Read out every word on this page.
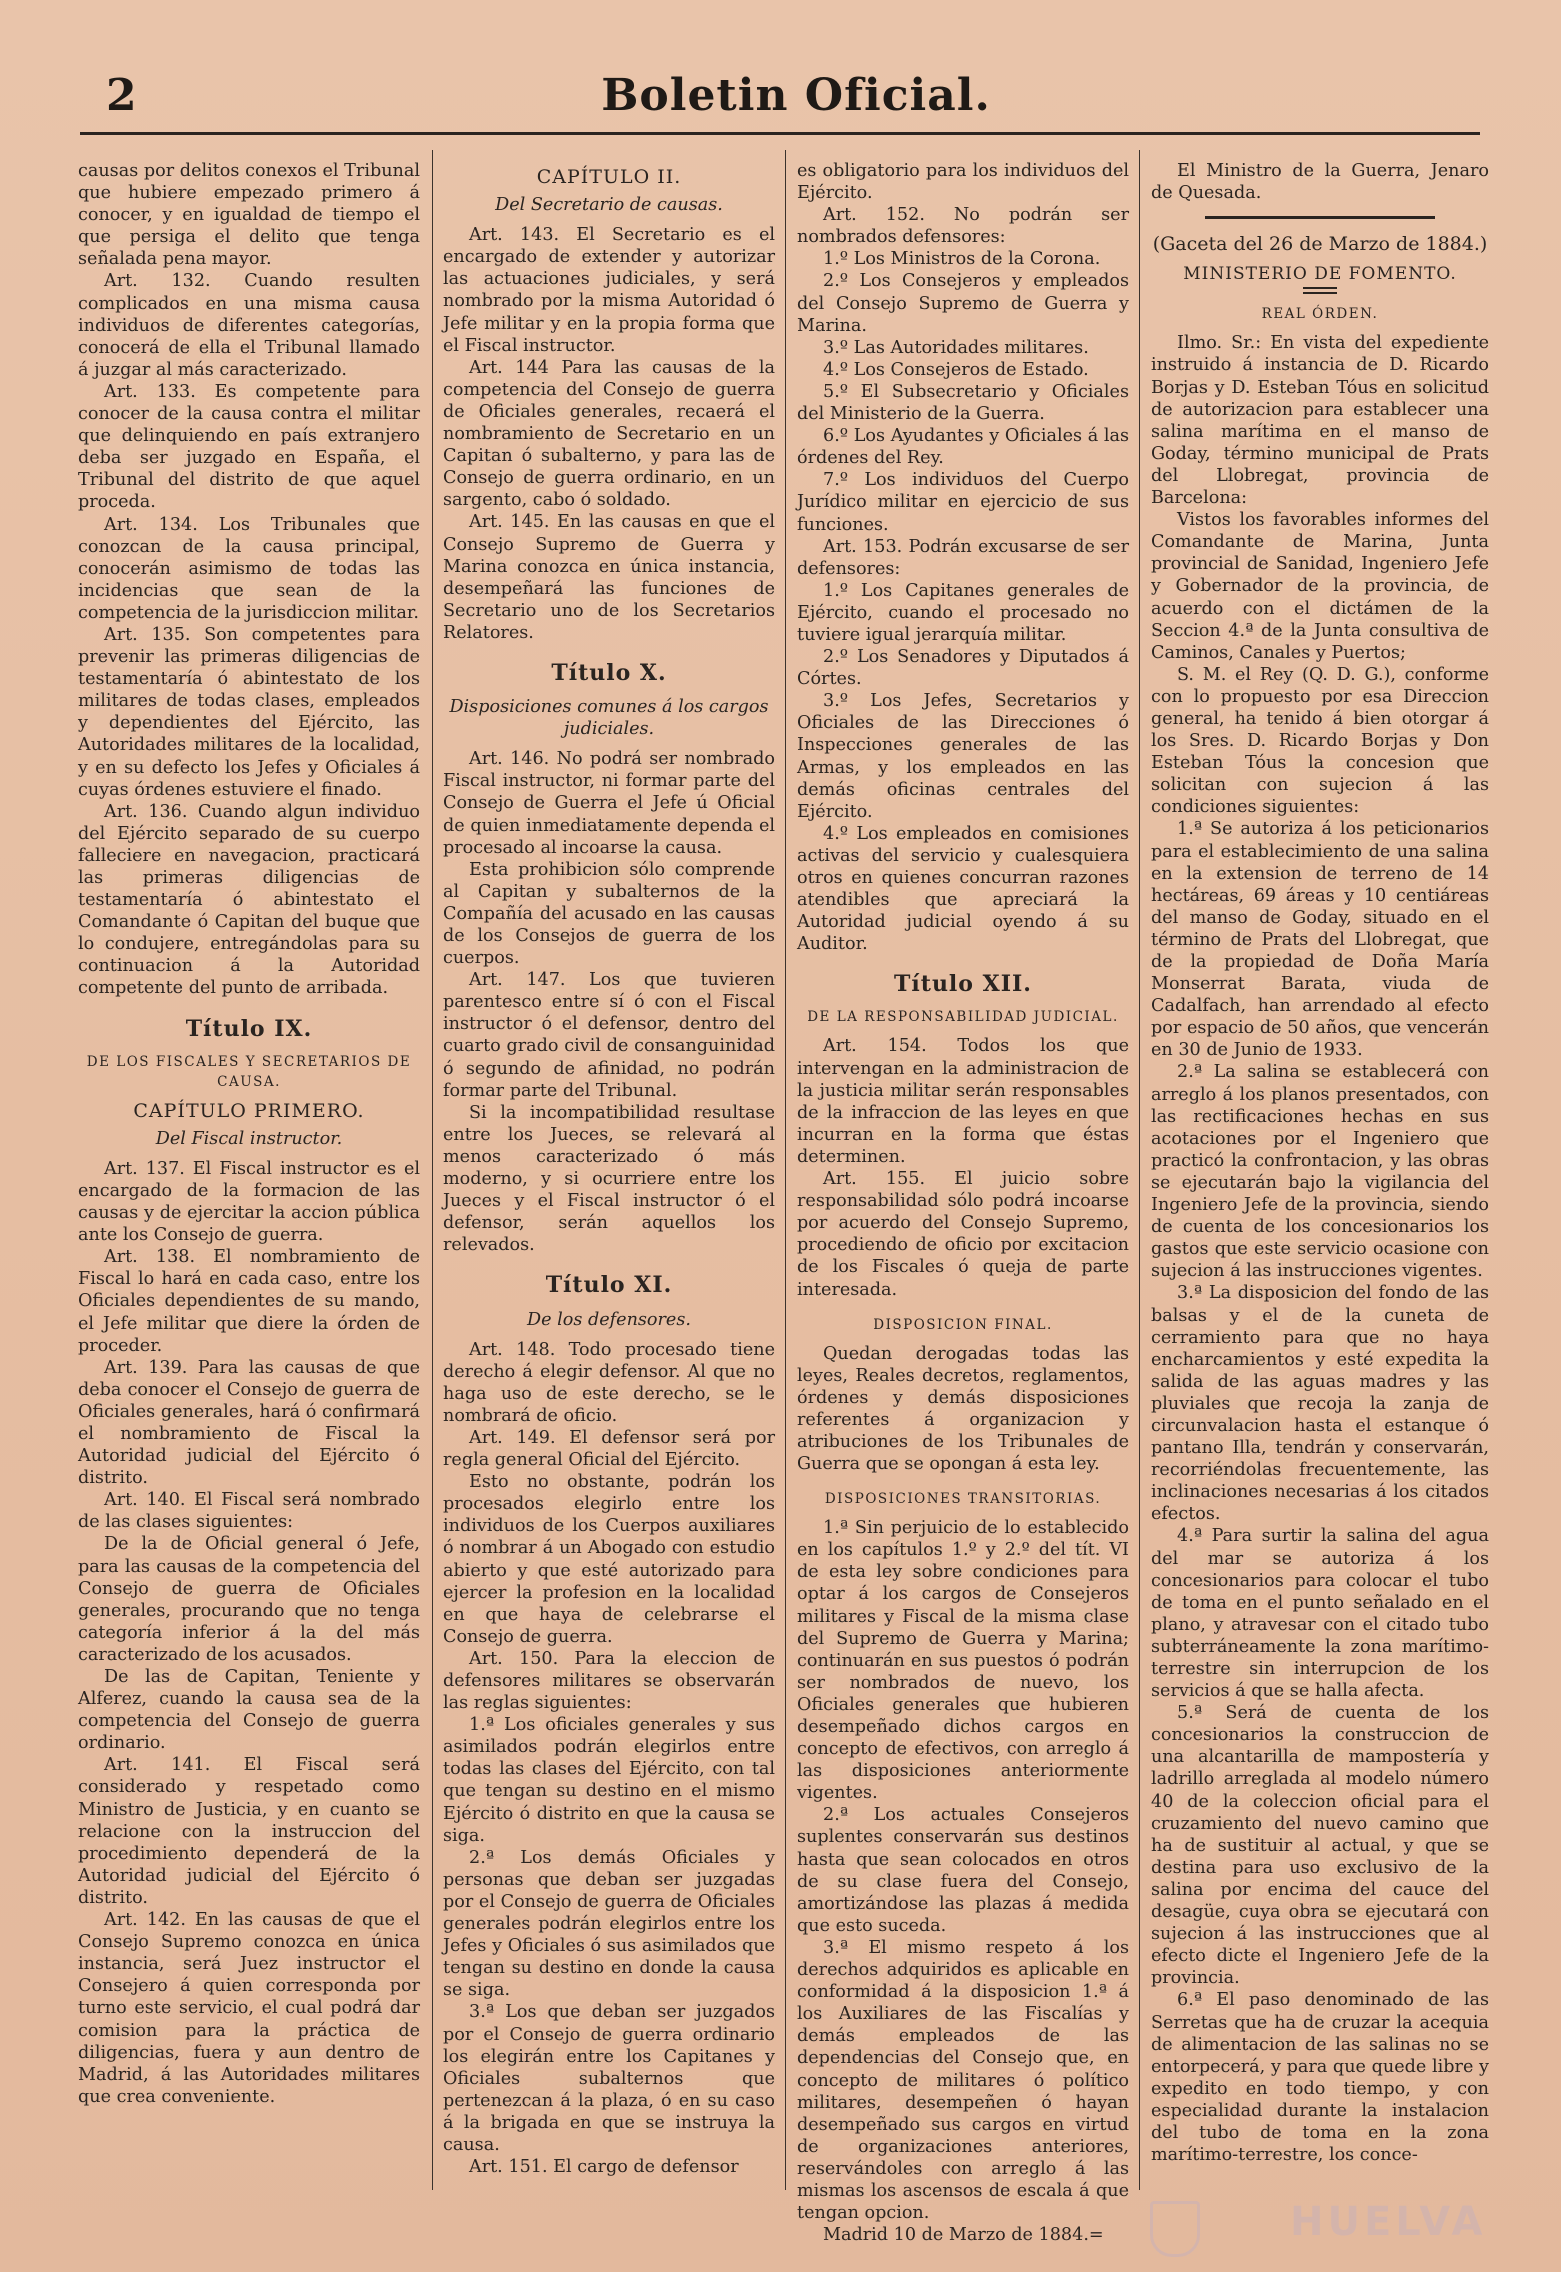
2	Boletin Oficial.

causas por delitos conexos el Tribunal que hubiere empezado primero á conocer, y en igualdad de tiempo el que persiga el delito que tenga señalada pena mayor.

Art. 132. Cuando resulten complicados en una misma causa individuos de diferentes categorías, conocerá de ella el Tribunal llamado á juzgar al más caracterizado.

Art. 133. Es competente para conocer de la causa contra el militar que delinquiendo en país extranjero deba ser juzgado en España, el Tribunal del distrito de que aquel proceda.

Art. 134. Los Tribunales que conozcan de la causa principal, conocerán asimismo de todas las incidencias que sean de la competencia de la jurisdiccion militar.

Art. 135. Son competentes para prevenir las primeras diligencias de testamentaría ó abintestato de los militares de todas clases, empleados y dependientes del Ejército, las Autoridades militares de la localidad, y en su defecto los Jefes y Oficiales á cuyas órdenes estuviere el finado.

Art. 136. Cuando algun individuo del Ejército separado de su cuerpo falleciere en navegacion, practicará las primeras diligencias de testamentaría ó abintestato el Comandante ó Capitan del buque que lo condujere, entregándolas para su continuacion á la Autoridad competente del punto de arribada.

Título IX.
DE LOS FISCALES Y SECRETARIOS DE CAUSA.
CAPÍTULO PRIMERO.
Del Fiscal instructor.

Art. 137. El Fiscal instructor es el encargado de la formacion de las causas y de ejercitar la accion pública ante los Consejo de guerra.

Art. 138. El nombramiento de Fiscal lo hará en cada caso, entre los Oficiales dependientes de su mando, el Jefe militar que diere la órden de proceder.

Art. 139. Para las causas de que deba conocer el Consejo de guerra de Oficiales generales, hará ó confirmará el nombramiento de Fiscal la Autoridad judicial del Ejército ó distrito.

Art. 140. El Fiscal será nombrado de las clases siguientes:

De la de Oficial general ó Jefe, para las causas de la competencia del Consejo de guerra de Oficiales generales, procurando que no tenga categoría inferior á la del más caracterizado de los acusados.

De las de Capitan, Teniente y Alferez, cuando la causa sea de la competencia del Consejo de guerra ordinario.

Art. 141. El Fiscal será considerado y respetado como Ministro de Justicia, y en cuanto se relacione con la instruccion del procedimiento dependerá de la Autoridad judicial del Ejército ó distrito.

Art. 142. En las causas de que el Consejo Supremo conozca en única instancia, será Juez instructor el Consejero á quien corresponda por turno este servicio, el cual podrá dar comision para la práctica de diligencias, fuera y aun dentro de Madrid, á las Autoridades militares que crea conveniente.

CAPÍTULO II.
Del Secretario de causas.

Art. 143. El Secretario es el encargado de extender y autorizar las actuaciones judiciales, y será nombrado por la misma Autoridad ó Jefe militar y en la propia forma que el Fiscal instructor.

Art. 144 Para las causas de la competencia del Consejo de guerra de Oficiales generales, recaerá el nombramiento de Secretario en un Capitan ó subalterno, y para las de Consejo de guerra ordinario, en un sargento, cabo ó soldado.

Art. 145. En las causas en que el Consejo Supremo de Guerra y Marina conozca en única instancia, desempeñará las funciones de Secretario uno de los Secretarios Relatores.

Título X.
Disposiciones comunes á los cargos judiciales.

Art. 146. No podrá ser nombrado Fiscal instructor, ni formar parte del Consejo de Guerra el Jefe ú Oficial de quien inmediatamente dependa el procesado al incoarse la causa.

Esta prohibicion sólo comprende al Capitan y subalternos de la Compañía del acusado en las causas de los Consejos de guerra de los cuerpos.

Art. 147. Los que tuvieren parentesco entre sí ó con el Fiscal instructor ó el defensor, dentro del cuarto grado civil de consanguinidad ó segundo de afinidad, no podrán formar parte del Tribunal.

Si la incompatibilidad resultase entre los Jueces, se relevará al menos caracterizado ó más moderno, y si ocurriere entre los Jueces y el Fiscal instructor ó el defensor, serán aquellos los relevados.

Título XI.
De los defensores.

Art. 148. Todo procesado tiene derecho á elegir defensor. Al que no haga uso de este derecho, se le nombrará de oficio.

Art. 149. El defensor será por regla general Oficial del Ejército.

Esto no obstante, podrán los procesados elegirlo entre los individuos de los Cuerpos auxiliares ó nombrar á un Abogado con estudio abierto y que esté autorizado para ejercer la profesion en la localidad en que haya de celebrarse el Consejo de guerra.

Art. 150. Para la eleccion de defensores militares se observarán las reglas siguientes:

1.ª Los oficiales generales y sus asimilados podrán elegirlos entre todas las clases del Ejército, con tal que tengan su destino en el mismo Ejército ó distrito en que la causa se siga.

2.ª Los demás Oficiales y personas que deban ser juzgadas por el Consejo de guerra de Oficiales generales podrán elegirlos entre los Jefes y Oficiales ó sus asimilados que tengan su destino en donde la causa se siga.

3.ª Los que deban ser juzgados por el Consejo de guerra ordinario los elegirán entre los Capitanes y Oficiales subalternos que pertenezcan á la plaza, ó en su caso á la brigada en que se instruya la causa.

Art. 151. El cargo de defensor

es obligatorio para los individuos del Ejército.

Art. 152. No podrán ser nombrados defensores:

1.º Los Ministros de la Corona.

2.º Los Consejeros y empleados del Consejo Supremo de Guerra y Marina.

3.º Las Autoridades militares.

4.º Los Consejeros de Estado.

5.º El Subsecretario y Oficiales del Ministerio de la Guerra.

6.º Los Ayudantes y Oficiales á las órdenes del Rey.

7.º Los individuos del Cuerpo Jurídico militar en ejercicio de sus funciones.

Art. 153. Podrán excusarse de ser defensores:

1.º Los Capitanes generales de Ejército, cuando el procesado no tuviere igual jerarquía militar.

2.º Los Senadores y Diputados á Córtes.

3.º Los Jefes, Secretarios y Oficiales de las Direcciones ó Inspecciones generales de las Armas, y los empleados en las demás oficinas centrales del Ejército.

4.º Los empleados en comisiones activas del servicio y cualesquiera otros en quienes concurran razones atendibles que apreciará la Autoridad judicial oyendo á su Auditor.

Título XII.
DE LA RESPONSABILIDAD JUDICIAL.

Art. 154. Todos los que intervengan en la administracion de la justicia militar serán responsables de la infraccion de las leyes en que incurran en la forma que éstas determinen.

Art. 155. El juicio sobre responsabilidad sólo podrá incoarse por acuerdo del Consejo Supremo, procediendo de oficio por excitacion de los Fiscales ó queja de parte interesada.

DISPOSICION FINAL.

Quedan derogadas todas las leyes, Reales decretos, reglamentos, órdenes y demás disposiciones referentes á organizacion y atribuciones de los Tribunales de Guerra que se opongan á esta ley.

DISPOSICIONES TRANSITORIAS.

1.ª Sin perjuicio de lo establecido en los capítulos 1.º y 2.º del tít. VI de esta ley sobre condiciones para optar á los cargos de Consejeros militares y Fiscal de la misma clase del Supremo de Guerra y Marina; continuarán en sus puestos ó podrán ser nombrados de nuevo, los Oficiales generales que hubieren desempeñado dichos cargos en concepto de efectivos, con arreglo á las disposiciones anteriormente vigentes.

2.ª Los actuales Consejeros suplentes conservarán sus destinos hasta que sean colocados en otros de su clase fuera del Consejo, amortizándose las plazas á medida que esto suceda.

3.ª El mismo respeto á los derechos adquiridos es aplicable en conformidad á la disposicion 1.ª á los Auxiliares de las Fiscalías y demás empleados de las dependencias del Consejo que, en concepto de militares ó político militares, desempeñen ó hayan desempeñado sus cargos en virtud de organizaciones anteriores, reservándoles con arreglo á las mismas los ascensos de escala á que tengan opcion.

Madrid 10 de Marzo de 1884.=

El Ministro de la Guerra, Jenaro de Quesada.

(Gaceta del 26 de Marzo de 1884.)
MINISTERIO DE FOMENTO.
REAL ÓRDEN.

Ilmo. Sr.: En vista del expediente instruido á instancia de D. Ricardo Borjas y D. Esteban Tóus en solicitud de autorizacion para establecer una salina marítima en el manso de Goday, término municipal de Prats del Llobregat, provincia de Barcelona:

Vistos los favorables informes del Comandante de Marina, Junta provincial de Sanidad, Ingeniero Jefe y Gobernador de la provincia, de acuerdo con el dictámen de la Seccion 4.ª de la Junta consultiva de Caminos, Canales y Puertos;

S. M. el Rey (Q. D. G.), conforme con lo propuesto por esa Direccion general, ha tenido á bien otorgar á los Sres. D. Ricardo Borjas y Don Esteban Tóus la concesion que solicitan con sujecion á las condiciones siguientes:

1.ª Se autoriza á los peticionarios para el establecimiento de una salina en la extension de terreno de 14 hectáreas, 69 áreas y 10 centiáreas del manso de Goday, situado en el término de Prats del Llobregat, que de la propiedad de Doña María Monserrat Barata, viuda de Cadalfach, han arrendado al efecto por espacio de 50 años, que vencerán en 30 de Junio de 1933.

2.ª La salina se establecerá con arreglo á los planos presentados, con las rectificaciones hechas en sus acotaciones por el Ingeniero que practicó la confrontacion, y las obras se ejecutarán bajo la vigilancia del Ingeniero Jefe de la provincia, siendo de cuenta de los concesionarios los gastos que este servicio ocasione con sujecion á las instrucciones vigentes.

3.ª La disposicion del fondo de las balsas y el de la cuneta de cerramiento para que no haya encharcamientos y esté expedita la salida de las aguas madres y las pluviales que recoja la zanja de circunvalacion hasta el estanque ó pantano Illa, tendrán y conservarán, recorriéndolas frecuentemente, las inclinaciones necesarias á los citados efectos.

4.ª Para surtir la salina del agua del mar se autoriza á los concesionarios para colocar el tubo de toma en el punto señalado en el plano, y atravesar con el citado tubo subterráneamente la zona marítimo-terrestre sin interrupcion de los servicios á que se halla afecta.

5.ª Será de cuenta de los concesionarios la construccion de una alcantarilla de mampostería y ladrillo arreglada al modelo número 40 de la coleccion oficial para el cruzamiento del nuevo camino que ha de sustituir al actual, y que se destina para uso exclusivo de la salina por encima del cauce del desagüe, cuya obra se ejecutará con sujecion á las instrucciones que al efecto dicte el Ingeniero Jefe de la provincia.

6.ª El paso denominado de las Serretas que ha de cruzar la acequia de alimentacion de las salinas no se entorpecerá, y para que quede libre y expedito en todo tiempo, y con especialidad durante la instalacion del tubo de toma en la zona marítimo-terrestre, los conce-

HUELVA
